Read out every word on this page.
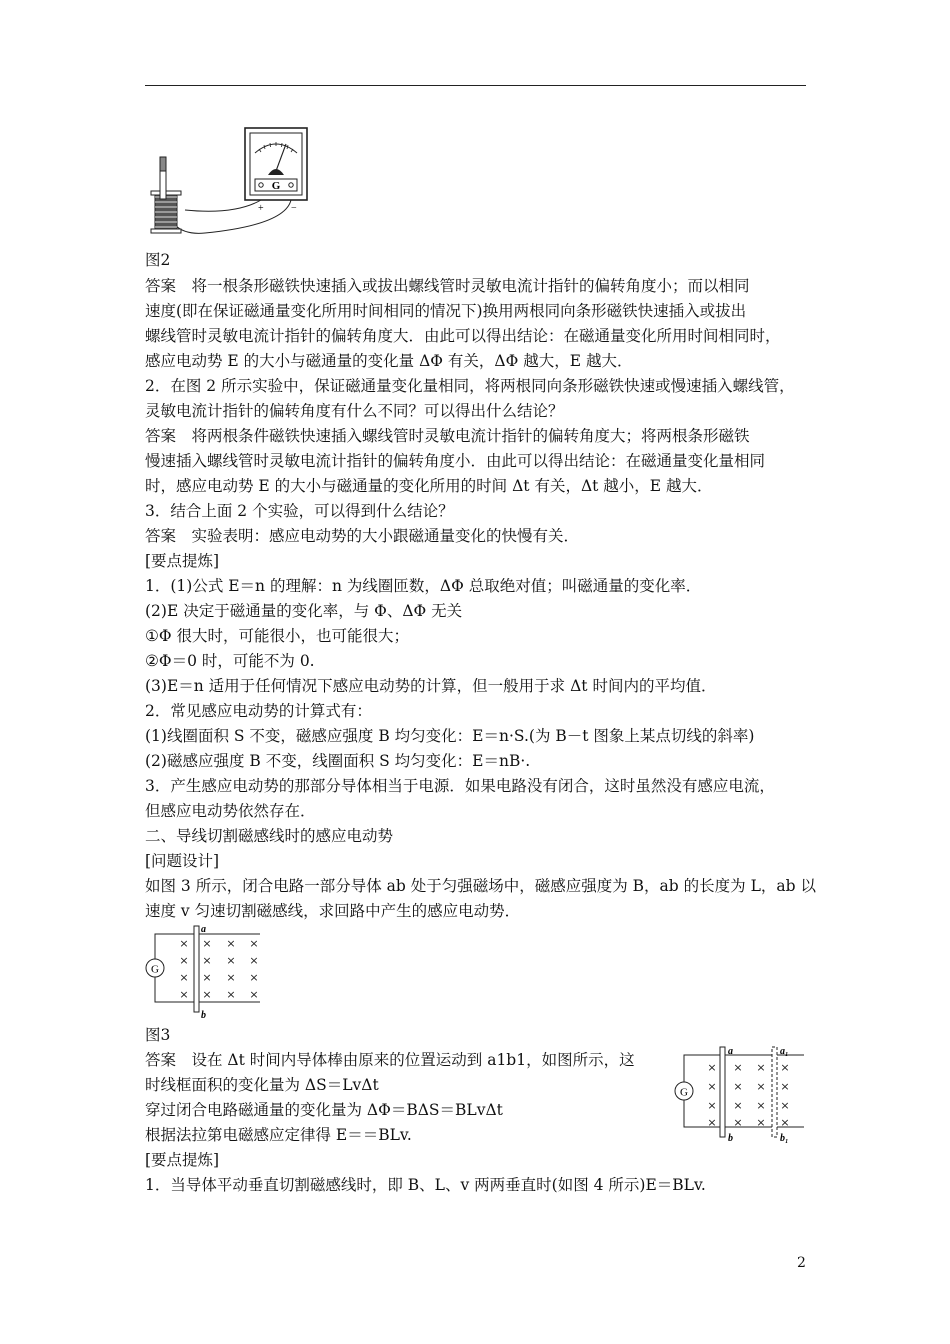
G
+	−
图2
答案　将一根条形磁铁快速插入或拔出螺线管时灵敏电流计指针的偏转角度小；而以相同
速度(即在保证磁通量变化所用时间相同的情况下)换用两根同向条形磁铁快速插入或拔出
螺线管时灵敏电流计指针的偏转角度大．由此可以得出结论：在磁通量变化所用时间相同时，
感应电动势 E 的大小与磁通量的变化量 ΔΦ 有关，ΔΦ 越大，E 越大．
2．在图 2 所示实验中，保证磁通量变化量相同，将两根同向条形磁铁快速或慢速插入螺线管，
灵敏电流计指针的偏转角度有什么不同？可以得出什么结论？
答案　将两根条件磁铁快速插入螺线管时灵敏电流计指针的偏转角度大；将两根条形磁铁
慢速插入螺线管时灵敏电流计指针的偏转角度小．由此可以得出结论：在磁通量变化量相同
时，感应电动势 E 的大小与磁通量的变化所用的时间 Δt 有关，Δt 越小，E 越大．
3．结合上面 2 个实验，可以得到什么结论？
答案　实验表明：感应电动势的大小跟磁通量变化的快慢有关．
[要点提炼]
1．(1)公式 E＝n 的理解：n 为线圈匝数，ΔΦ 总取绝对值；叫磁通量的变化率．
(2)E 决定于磁通量的变化率，与 Φ、ΔΦ 无关
①Φ 很大时，可能很小，也可能很大；
②Φ＝0 时，可能不为 0.
(3)E＝n 适用于任何情况下感应电动势的计算，但一般用于求 Δt 时间内的平均值．
2．常见感应电动势的计算式有：
(1)线圈面积 S 不变，磁感应强度 B 均匀变化：E＝n·S.(为 B－t 图象上某点切线的斜率)
(2)磁感应强度 B 不变，线圈面积 S 均匀变化：E＝nB·.
3．产生感应电动势的那部分导体相当于电源．如果电路没有闭合，这时虽然没有感应电流，
但感应电动势依然存在．
二、导线切割磁感线时的感应电动势
[问题设计]
如图 3 所示，闭合电路一部分导体 ab 处于匀强磁场中，磁感应强度为 B，ab 的长度为 L，ab 以
速度 v 匀速切割磁感线，求回路中产生的感应电动势．
G
a
b
× × × ×
× × × ×
× × × ×
× × × ×
图3
答案　设在 Δt 时间内导体棒由原来的位置运动到 a1b1，如图所示，这
时线框面积的变化量为 ΔS＝LvΔt
穿过闭合电路磁通量的变化量为 ΔΦ＝BΔS＝BLvΔt
根据法拉第电磁感应定律得 E＝＝BLv.
[要点提炼]
1．当导体平动垂直切割磁感线时，即 B、L、v 两两垂直时(如图 4 所示)E＝BLv.
G
a
b
a₁
b₁
× × × ×
× × × ×
× × × ×
× × × ×
2
